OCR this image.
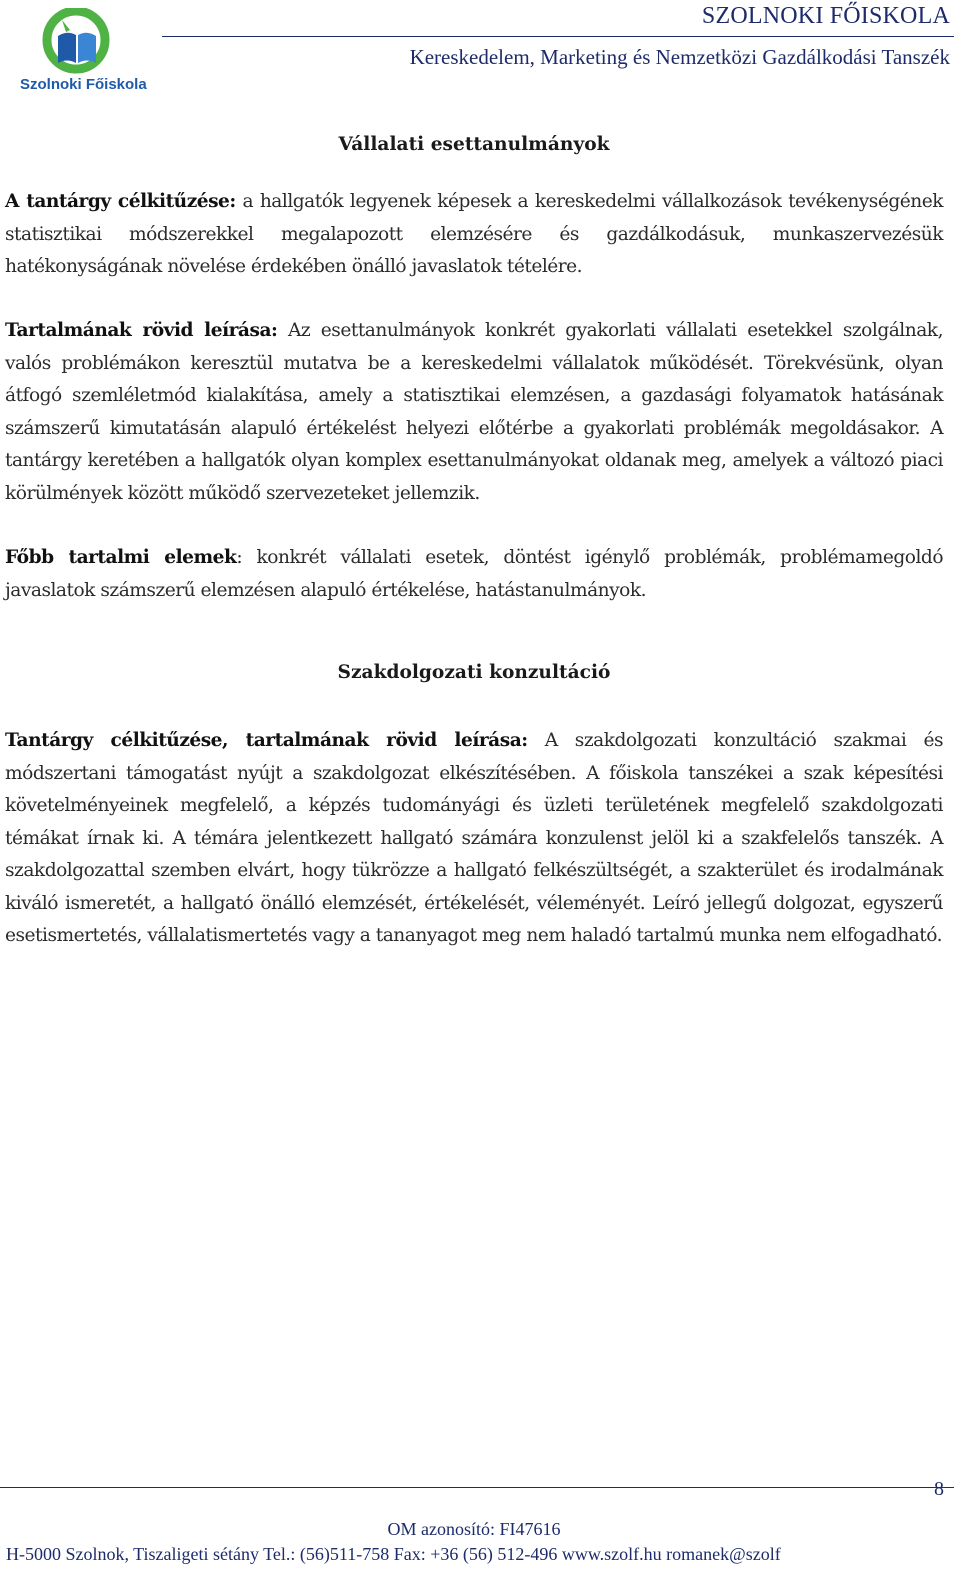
Szolnoki Főiskola
SZOLNOKI FŐISKOLA
Kereskedelem, Marketing és Nemzetközi Gazdálkodási Tanszék
Vállalati esettanulmányok

A tantárgy célkitűzése: a hallgatók legyenek képesek a kereskedelmi vállalkozások tevékenységének statisztikai módszerekkel megalapozott elemzésére és gazdálkodásuk, munkaszervezésük hatékonyságának növelése érdekében önálló javaslatok tételére.

Tartalmának rövid leírása: Az esettanulmányok konkrét gyakorlati vállalati esetekkel szolgálnak, valós problémákon keresztül mutatva be a kereskedelmi vállalatok működését. Törekvésünk, olyan átfogó szemléletmód kialakítása, amely a statisztikai elemzésen, a gazdasági folyamatok hatásának számszerű kimutatásán alapuló értékelést helyezi előtérbe a gyakorlati problémák megoldásakor. A tantárgy keretében a hallgatók olyan komplex esettanulmányokat oldanak meg, amelyek a változó piaci körülmények között működő szervezeteket jellemzik.

Főbb tartalmi elemek: konkrét vállalati esetek, döntést igénylő problémák, problémamegoldó javaslatok számszerű elemzésen alapuló értékelése, hatástanulmányok.

Szakdolgozati konzultáció

Tantárgy célkitűzése, tartalmának rövid leírása: A szakdolgozati konzultáció szakmai és módszertani támogatást nyújt a szakdolgozat elkészítésében. A főiskola tanszékei a szak képesítési követelményeinek megfelelő, a képzés tudományági és üzleti területének megfelelő szakdolgozati témákat írnak ki. A témára jelentkezett hallgató számára konzulenst jelöl ki a szakfelelős tanszék. A szakdolgozattal szemben elvárt, hogy tükrözze a hallgató felkészültségét, a szakterület és irodalmának kiváló ismeretét, a hallgató önálló elemzését, értékelését, véleményét. Leíró jellegű dolgozat, egyszerű esetismertetés, vállalatismertetés vagy a tananyagot meg nem haladó tartalmú munka nem elfogadható.

8
OM azonosító: FI47616
H-5000 Szolnok, Tiszaligeti sétány Tel.: (56)511-758 Fax: +36 (56) 512-496 www.szolf.hu romanek@szolf
